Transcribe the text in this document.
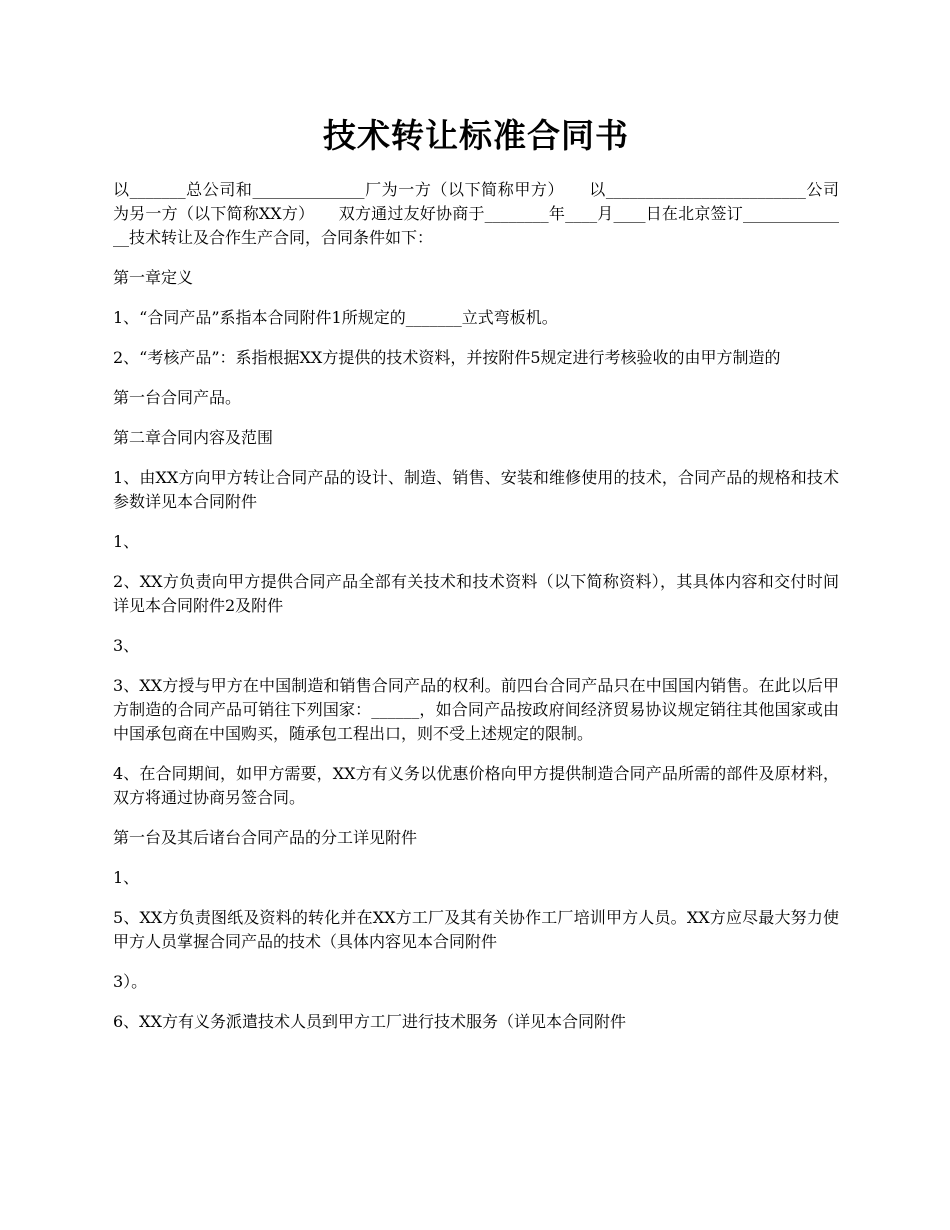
技术转让标准合同书

以_______总公司和______________厂为一方（以下简称甲方）　　以_________________________公司为另一方（以下简称XX方）　　双方通过友好协商于________年____月____日在北京签订______________技术转让及合作生产合同，合同条件如下：

第一章定义

1、“合同产品”系指本合同附件1所规定的_______立式弯板机。

2、“考核产品”：系指根据XX方提供的技术资料，并按附件5规定进行考核验收的由甲方制造的

第一台合同产品。

第二章合同内容及范围

1、由XX方向甲方转让合同产品的设计、制造、销售、安装和维修使用的技术，合同产品的规格和技术参数详见本合同附件

1、

2、XX方负责向甲方提供合同产品全部有关技术和技术资料（以下简称资料），其具体内容和交付时间详见本合同附件2及附件

3、

3、XX方授与甲方在中国制造和销售合同产品的权利。前四台合同产品只在中国国内销售。在此以后甲方制造的合同产品可销往下列国家：______，如合同产品按政府间经济贸易协议规定销往其他国家或由中国承包商在中国购买，随承包工程出口，则不受上述规定的限制。

4、在合同期间，如甲方需要，XX方有义务以优惠价格向甲方提供制造合同产品所需的部件及原材料，双方将通过协商另签合同。

第一台及其后诸台合同产品的分工详见附件

1、

5、XX方负责图纸及资料的转化并在XX方工厂及其有关协作工厂培训甲方人员。XX方应尽最大努力使甲方人员掌握合同产品的技术（具体内容见本合同附件

3）。

6、XX方有义务派遣技术人员到甲方工厂进行技术服务（详见本合同附件
